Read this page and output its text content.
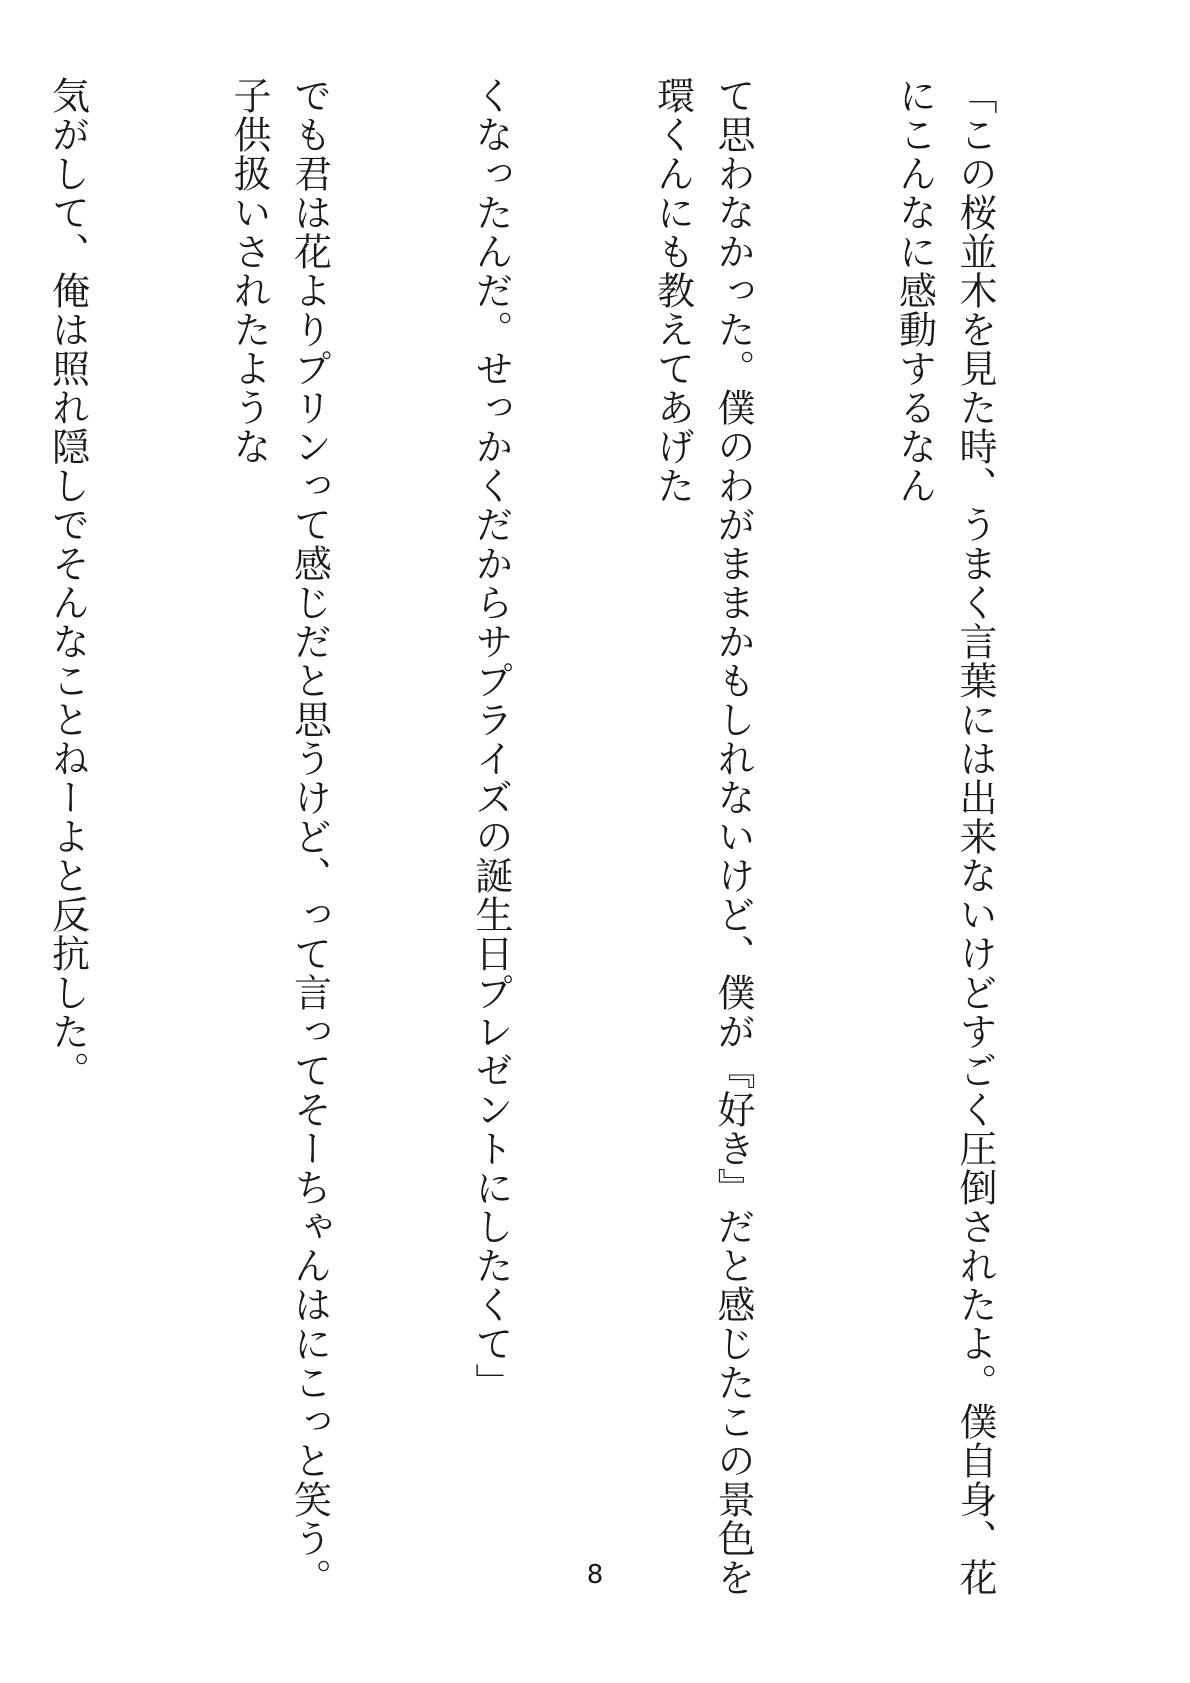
「この桜並木を見た時、うまく言葉には出来ないけどすごく圧倒されたよ。僕自身、花にこんなに感動するなん

て思わなかった。僕のわがままかもしれないけど、僕が『好き』だと感じたこの景色を環くんにも教えてあげた

くなったんだ。せっかくだからサプライズの誕生日プレゼントにしたくて」

でも君は花よりプリンって感じだと思うけど、って言ってそーちゃんはにこっと笑う。子供扱いされたような

気がして、俺は照れ隠しでそんなことねーよと反抗した。

8
